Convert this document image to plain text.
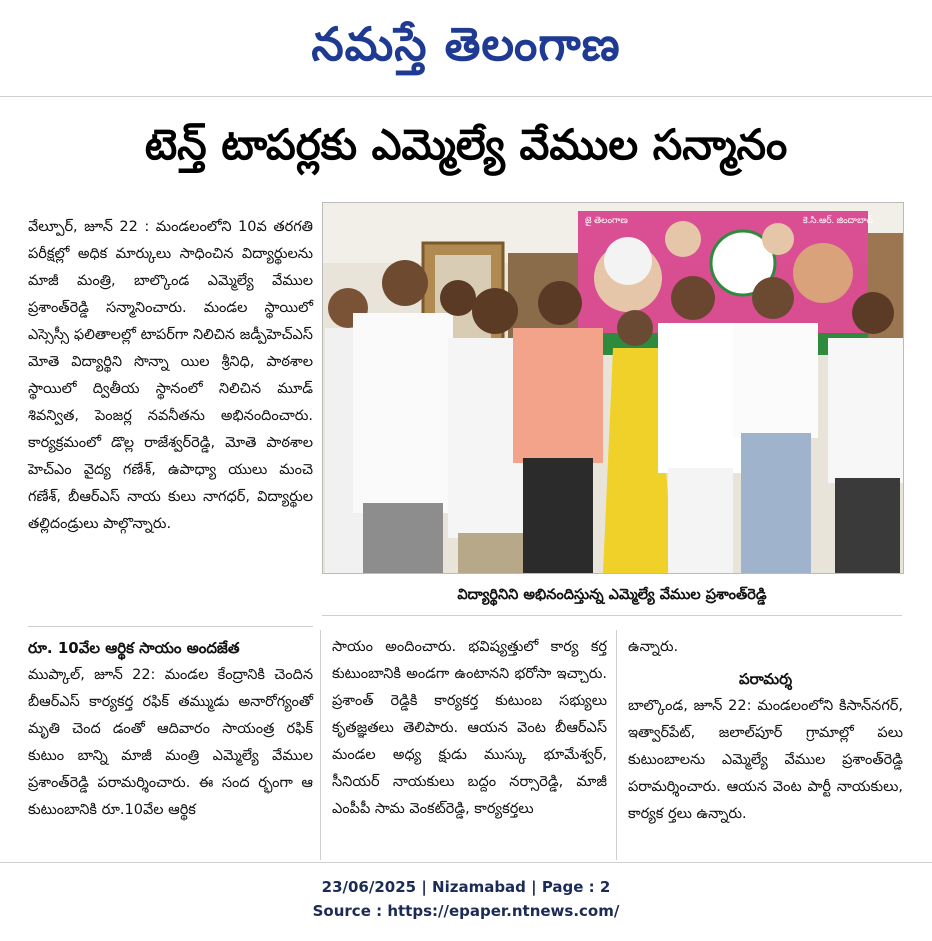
నమస్తే తెలంగాణ
టెన్త్ టాపర్లకు ఎమ్మెల్యే వేముల సన్మానం

వేల్పూర్, జూన్ 22 : మండలంలోని 10వ తరగతి పరీక్షల్లో అధిక మార్కులు సాధించిన విద్యార్థులను మాజీ మంత్రి, బాల్కొండ ఎమ్మెల్యే వేముల ప్రశాంత్‌రెడ్డి సన్మానించారు. మండల స్థాయిలో ఎస్సెస్సీ ఫలితాలల్లో టాపర్‌గా నిలిచిన జడ్పీహెచ్‌ఎస్ మోతె విద్యార్థిని సొన్నా యిల శ్రీనిధి, పాఠశాల స్థాయిలో ద్వితీయ స్థానంలో నిలిచిన మూడ్ శివన్విత, పెంజర్ల నవనీతను అభినందించారు. కార్యక్రమంలో డొల్ల రాజేశ్వర్‌రెడ్డి, మోతె పాఠశాల హెచ్‌ఎం వైద్య గణేశ్, ఉపాధ్యా యులు మంచె గణేశ్, బీఆర్‌ఎస్ నాయ కులు నాగధర్, విద్యార్థుల తల్లిదండ్రులు పాల్గొన్నారు.

జై తెలంగాణ	కె.సి.ఆర్. జిందాబాద్
విద్యార్థినిని అభినందిస్తున్న ఎమ్మెల్యే వేముల ప్రశాంత్‌రెడ్డి

రూ. 10వేల ఆర్థిక సాయం అందజేత

ముప్కాల్, జూన్ 22: మండల కేంద్రానికి చెందిన బీఆర్‌ఎస్ కార్యకర్త రఫిక్ తమ్ముడు అనారోగ్యంతో మృతి చెంద డంతో ఆదివారం సాయంత్ర రఫిక్ కుటుం బాన్ని మాజీ మంత్రి ఎమ్మెల్యే వేముల ప్రశాంత్‌రెడ్డి పరామర్శించారు. ఈ సంద ర్భంగా ఆ కుటుంబానికి రూ.10వేల ఆర్థిక

సాయం అందించారు. భవిష్యత్తులో కార్య కర్త కుటుంబానికి అండగా ఉంటానని భరోసా ఇచ్చారు. ప్రశాంత్ రెడ్డికి కార్యకర్త కుటుంబ సభ్యులు కృతజ్ఞతలు తెలిపారు. ఆయన వెంట బీఆర్‌ఎస్ మండల అధ్య క్షుడు ముస్కు భూమేశ్వర్, సీనియర్ నాయకులు బద్దం నర్సారెడ్డి, మాజీ ఎంపీపీ సామ వెంకట్‌రెడ్డి, కార్యకర్తలు

ఉన్నారు.

పరామర్శ

బాల్కొండ, జూన్ 22: మండలంలోని కిసాన్‌నగర్, ఇత్వార్‌పేట్, జలాల్‌పూర్ గ్రామాల్లో పలు కుటుంబాలను ఎమ్మెల్యే వేముల ప్రశాంత్‌రెడ్డి పరామర్శించారు. ఆయన వెంట పార్టీ నాయకులు, కార్యక ర్తలు ఉన్నారు.

23/06/2025 | Nizamabad | Page : 2
Source : https://epaper.ntnews.com/
